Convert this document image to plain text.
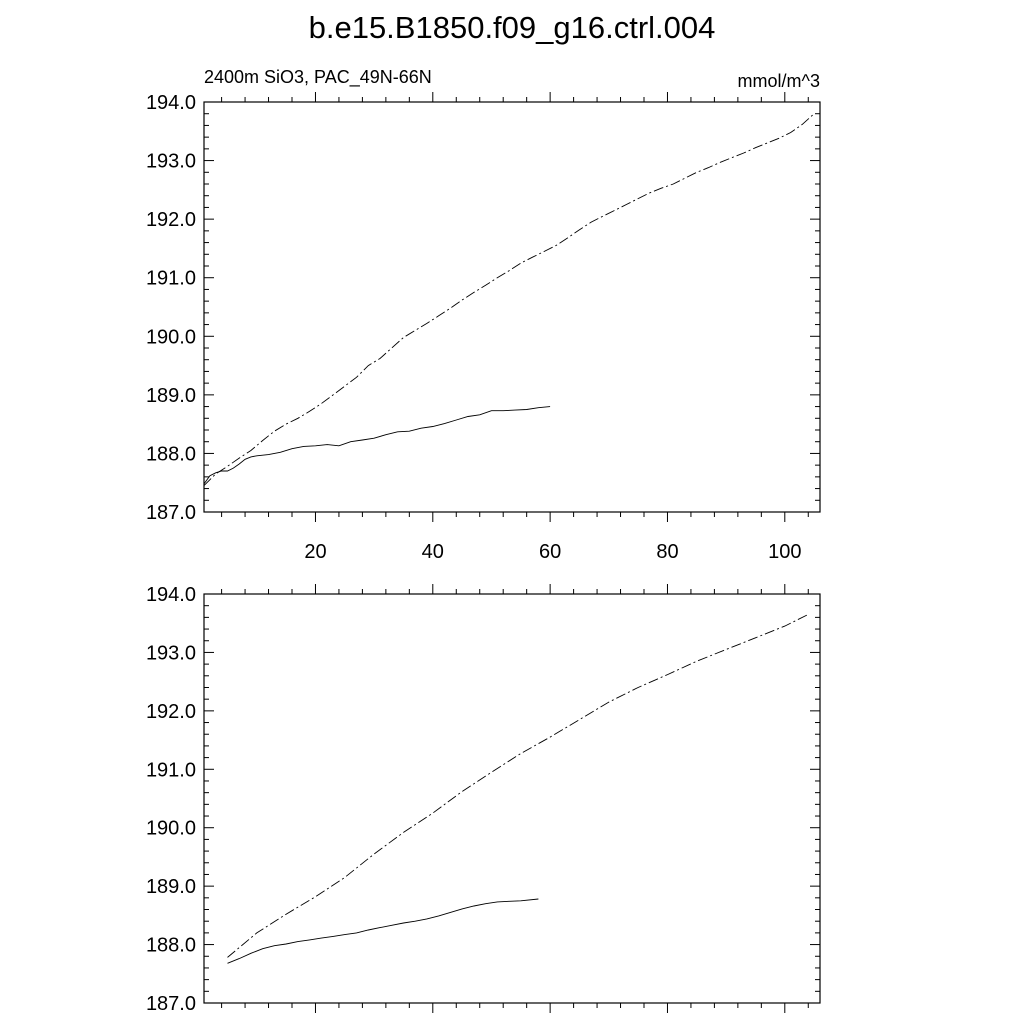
b.e15.B1850.f09_g16.ctrl.004
2400m SiO3, PAC_49N-66N	mmol/m^3
187.0
188.0
189.0
190.0
191.0
192.0
193.0
194.0
20	40	60	80	100
187.0
188.0
189.0
190.0
191.0
192.0
193.0
194.0
